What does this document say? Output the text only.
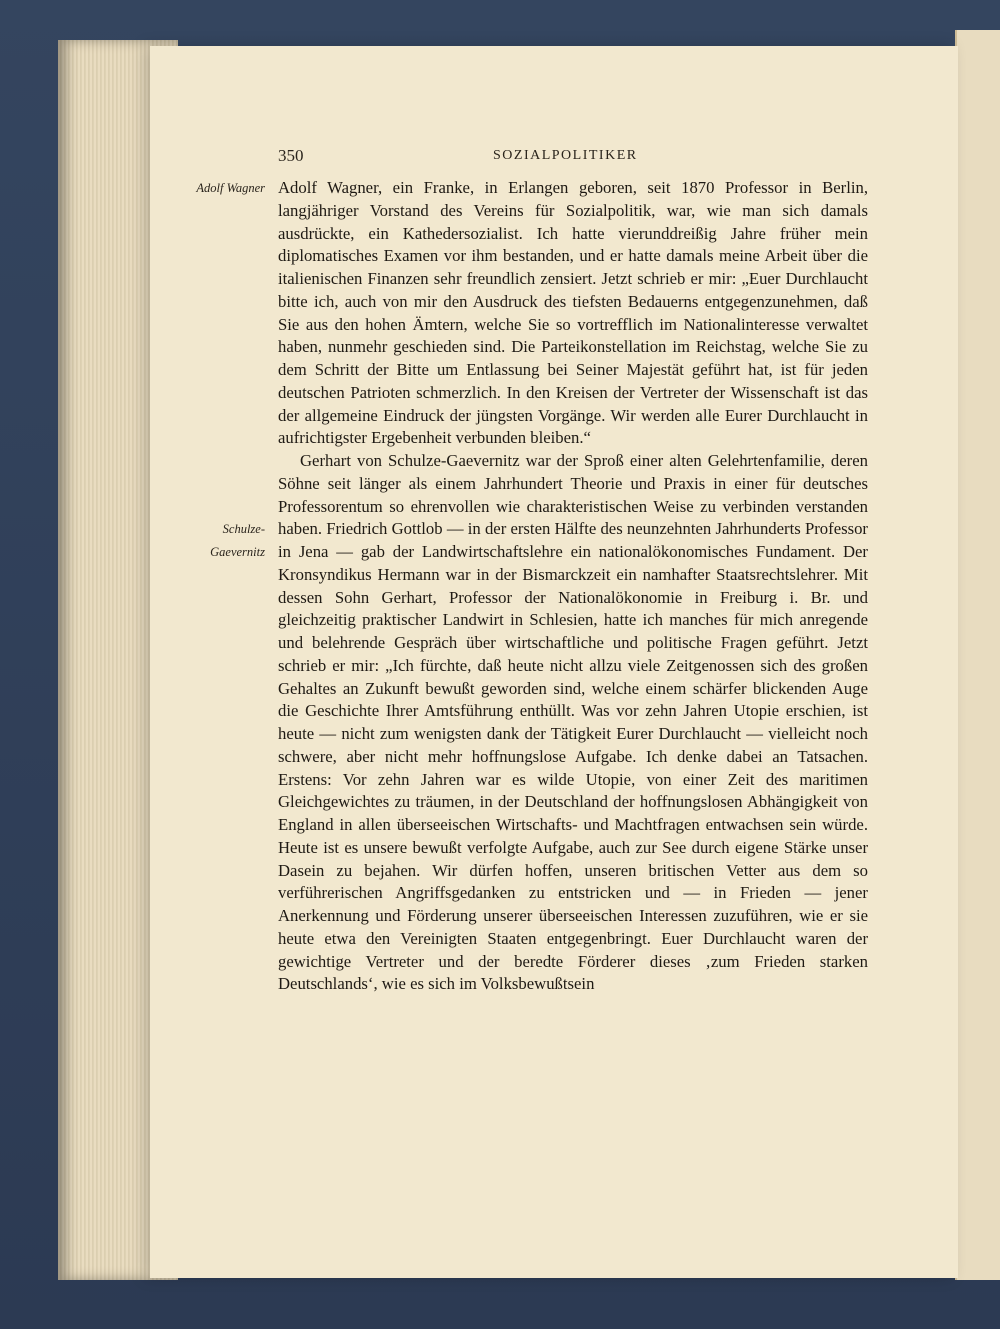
350	SOZIALPOLITIKER
Adolf Wagner
Schulze-
Gaevernitz

Adolf Wagner, ein Franke, in Erlangen geboren, seit 1870 Professor in Berlin, langjähriger Vorstand des Vereins für Sozialpolitik, war, wie man sich damals ausdrückte, ein Kathedersozialist. Ich hatte vierunddreißig Jahre früher mein diplomatisches Examen vor ihm bestanden, und er hatte damals meine Arbeit über die italienischen Finanzen sehr freundlich zensiert. Jetzt schrieb er mir: „Euer Durchlaucht bitte ich, auch von mir den Ausdruck des tiefsten Bedauerns entgegenzunehmen, daß Sie aus den hohen Ämtern, welche Sie so vortrefflich im Nationalinteresse verwaltet haben, nunmehr geschieden sind. Die Parteikonstellation im Reichstag, welche Sie zu dem Schritt der Bitte um Entlassung bei Seiner Majestät geführt hat, ist für jeden deutschen Patrioten schmerzlich. In den Kreisen der Vertreter der Wissenschaft ist das der allgemeine Eindruck der jüngsten Vorgänge. Wir werden alle Eurer Durchlaucht in aufrichtigster Ergebenheit verbunden bleiben.“

Gerhart von Schulze-Gaevernitz war der Sproß einer alten Gelehrtenfamilie, deren Söhne seit länger als einem Jahrhundert Theorie und Praxis in einer für deutsches Professorentum so ehrenvollen wie charakteristischen Weise zu verbinden verstanden haben. Friedrich Gottlob — in der ersten Hälfte des neunzehnten Jahrhunderts Professor in Jena — gab der Landwirtschaftslehre ein nationalökonomisches Fundament. Der Kronsyndikus Hermann war in der Bismarckzeit ein namhafter Staatsrechtslehrer. Mit dessen Sohn Gerhart, Professor der Nationalökonomie in Freiburg i. Br. und gleichzeitig praktischer Landwirt in Schlesien, hatte ich manches für mich anregende und belehrende Gespräch über wirtschaftliche und politische Fragen geführt. Jetzt schrieb er mir: „Ich fürchte, daß heute nicht allzu viele Zeitgenossen sich des großen Gehaltes an Zukunft bewußt geworden sind, welche einem schärfer blickenden Auge die Geschichte Ihrer Amtsführung enthüllt. Was vor zehn Jahren Utopie erschien, ist heute — nicht zum wenigsten dank der Tätigkeit Eurer Durchlaucht — vielleicht noch schwere, aber nicht mehr hoffnungslose Aufgabe. Ich denke dabei an Tatsachen. Erstens: Vor zehn Jahren war es wilde Utopie, von einer Zeit des maritimen Gleichgewichtes zu träumen, in der Deutschland der hoffnungslosen Abhängigkeit von England in allen überseeischen Wirtschafts- und Machtfragen entwachsen sein würde. Heute ist es unsere bewußt verfolgte Aufgabe, auch zur See durch eigene Stärke unser Dasein zu bejahen. Wir dürfen hoffen, unseren britischen Vetter aus dem so verführerischen Angriffsgedanken zu entstricken und — in Frieden — jener Anerkennung und Förderung unserer überseeischen Interessen zuzuführen, wie er sie heute etwa den Vereinigten Staaten entgegenbringt. Euer Durchlaucht waren der gewichtige Vertreter und der beredte Förderer dieses ‚zum Frieden starken Deutschlands‘, wie es sich im Volksbewußtsein
